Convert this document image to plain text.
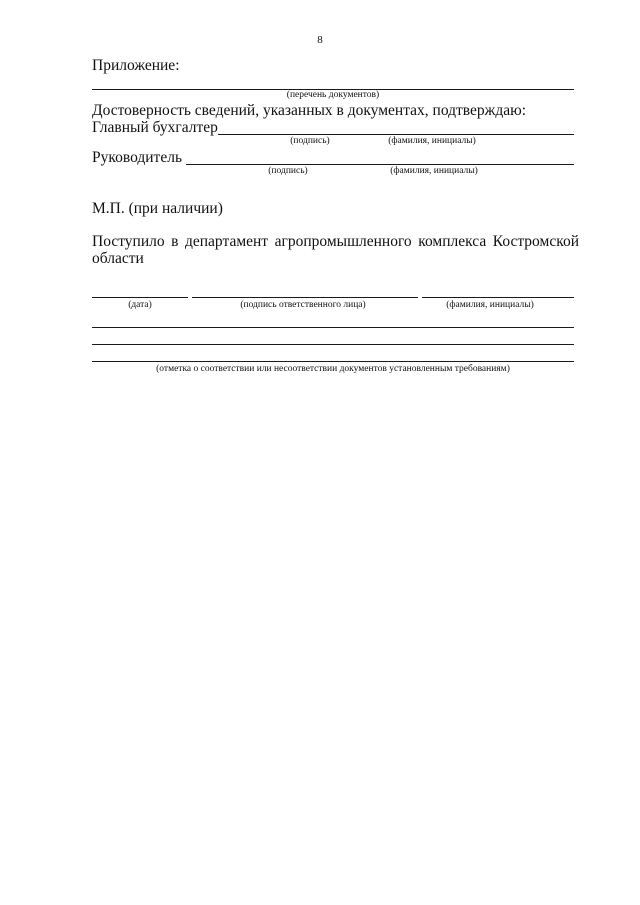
8
Приложение:
(перечень документов)
Достоверность сведений, указанных в документах, подтверждаю:
Главный бухгалтер
(подпись)	(фамилия, инициалы)
Руководитель
(подпись)	(фамилия, инициалы)
М.П. (при наличии)
Поступило в департамент агропромышленного комплекса Костромской
области
(дата)	(подпись ответственного лица)	(фамилия, инициалы)
(отметка о соответствии или несоответствии документов установленным требованиям)
